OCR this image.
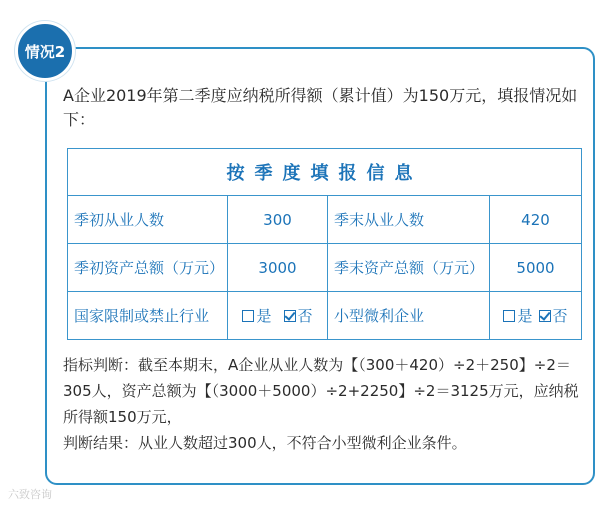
情况2
A企业2019年第二季度应纳税所得额（累计值）为150万元，填报情况如下：
按季度填报信息			
季初从业人数	300	季末从业人数	420
季初资产总额（万元）	3000	季末资产总额（万元）	5000
国家限制或禁止行业	是 否	小型微利企业	是 否
指标判断：截至本期末，A企业从业人数为【（300＋420）÷2＋250】÷2＝305人，资产总额为【（3000＋5000）÷2+2250】÷2＝3125万元，应纳税所得额150万元，
判断结果：从业人数超过300人，不符合小型微利企业条件。
六致咨询
